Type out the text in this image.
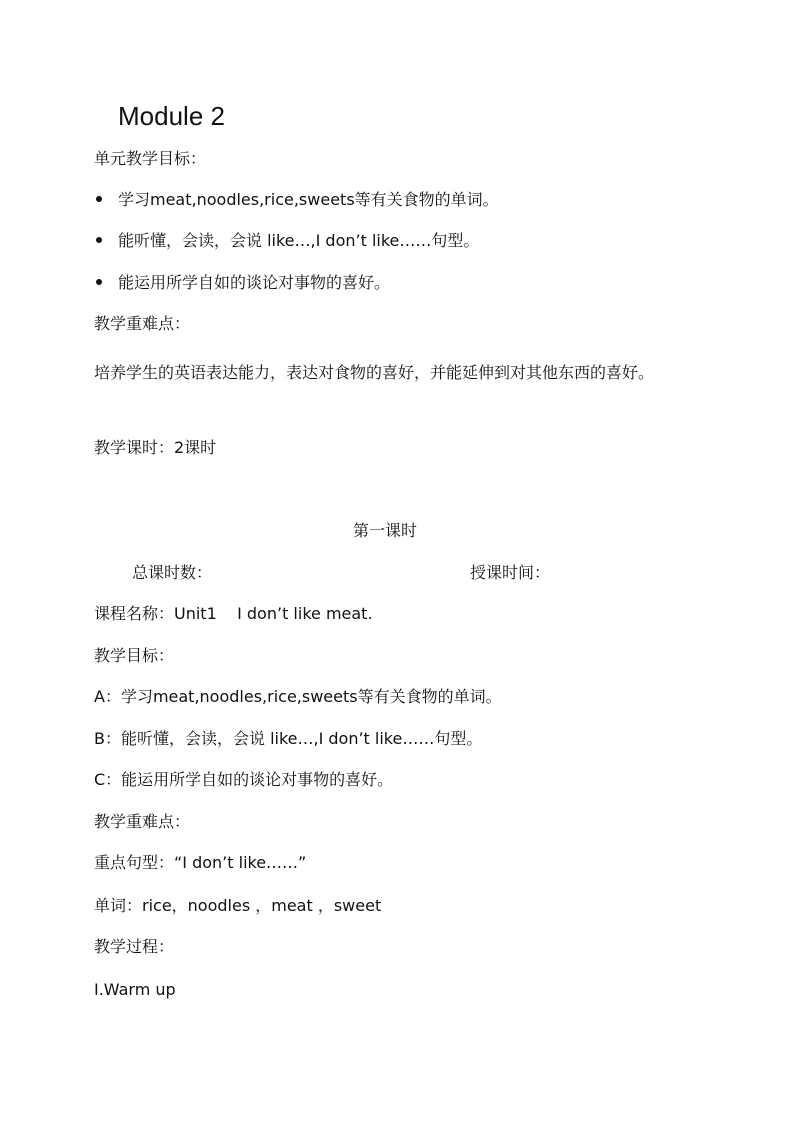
Module 2
单元教学目标：
学习meat,noodles,rice,sweets等有关食物的单词。
能听懂，会读，会说 like…,I don’t like……句型。
能运用所学自如的谈论对事物的喜好。
教学重难点：
培养学生的英语表达能力，表达对食物的喜好，并能延伸到对其他东西的喜好。
教学课时：2课时
第一课时
总课时数：	授课时间：
课程名称：Unit1    I don’t like meat.
教学目标：
A：学习meat,noodles,rice,sweets等有关食物的单词。
B：能听懂，会读，会说 like…,I don’t like……句型。
C：能运用所学自如的谈论对事物的喜好。
教学重难点：
重点句型：“I don’t like……”
单词：rice，noodles ，meat ，sweet
教学过程：
Ⅰ.Warm up
